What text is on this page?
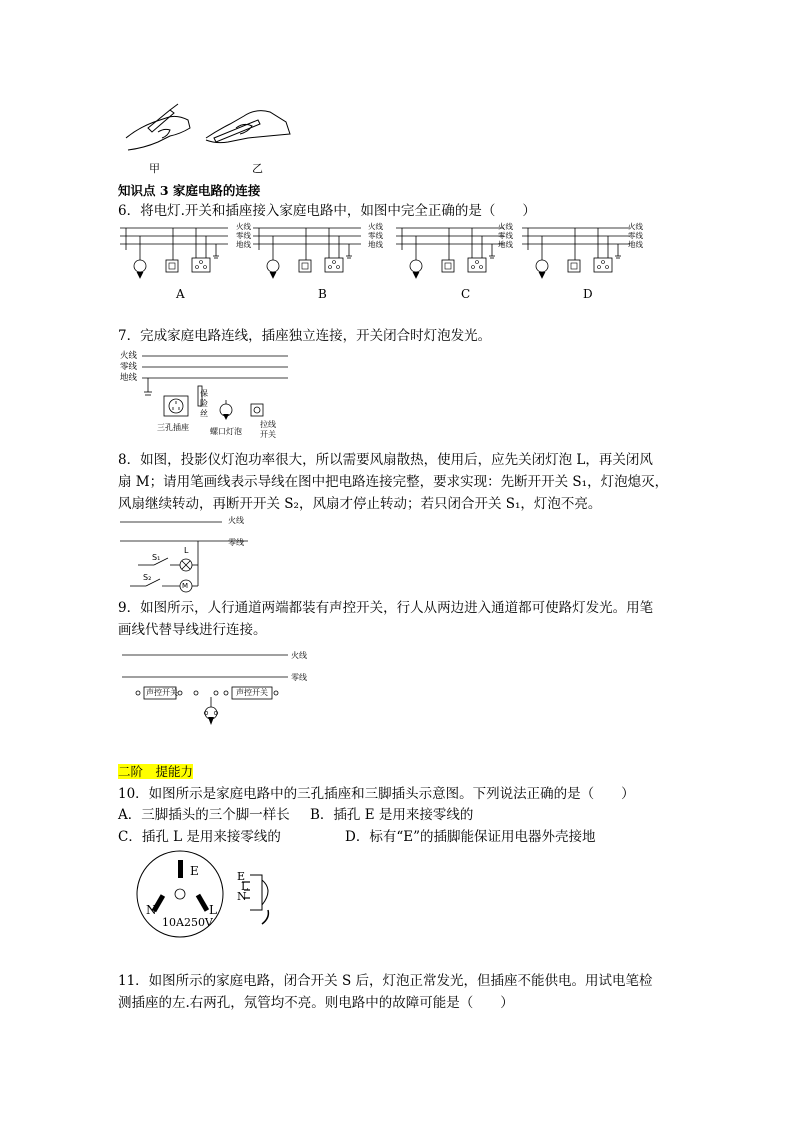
甲	乙
知识点 3 家庭电路的连接
6．将电灯.开关和插座接入家庭电路中，如图中完全正确的是（　　）
火线
零线
地线
火线
零线
地线
火线
零线
地线
火线
零线
地线
A	B	C	D
7．完成家庭电路连线，插座独立连接，开关闭合时灯泡发光。
火线
零线
地线
保
险
丝
三孔插座	螺口灯泡
拉线
开关
8．如图，投影仪灯泡功率很大，所以需要风扇散热，使用后，应先关闭灯泡 L，再关闭风
扇 M；请用笔画线表示导线在图中把电路连接完整，要求实现：先断开开关 S₁，灯泡熄灭，
风扇继续转动，再断开开关 S₂，风扇才停止转动；若只闭合开关 S₁，灯泡不亮。
火线
零线
S₁
L
S₂
M
9．如图所示，人行通道两端都装有声控开关，行人从两边进入通道都可使路灯发光。用笔
画线代替导线进行连接。
火线
零线
声控开关	声控开关
二阶　提能力
10．如图所示是家庭电路中的三孔插座和三脚插头示意图。下列说法正确的是（　　）
A．三脚插头的三个脚一样长 B．插孔 E 是用来接零线的
C．插孔 L 是用来接零线的	D．标有“E”的插脚能保证用电器外壳接地
E
N	L
10A250V
E
L
N
11．如图所示的家庭电路，闭合开关 S 后，灯泡正常发光，但插座不能供电。用试电笔检
测插座的左.右两孔，氖管均不亮。则电路中的故障可能是（　　）
